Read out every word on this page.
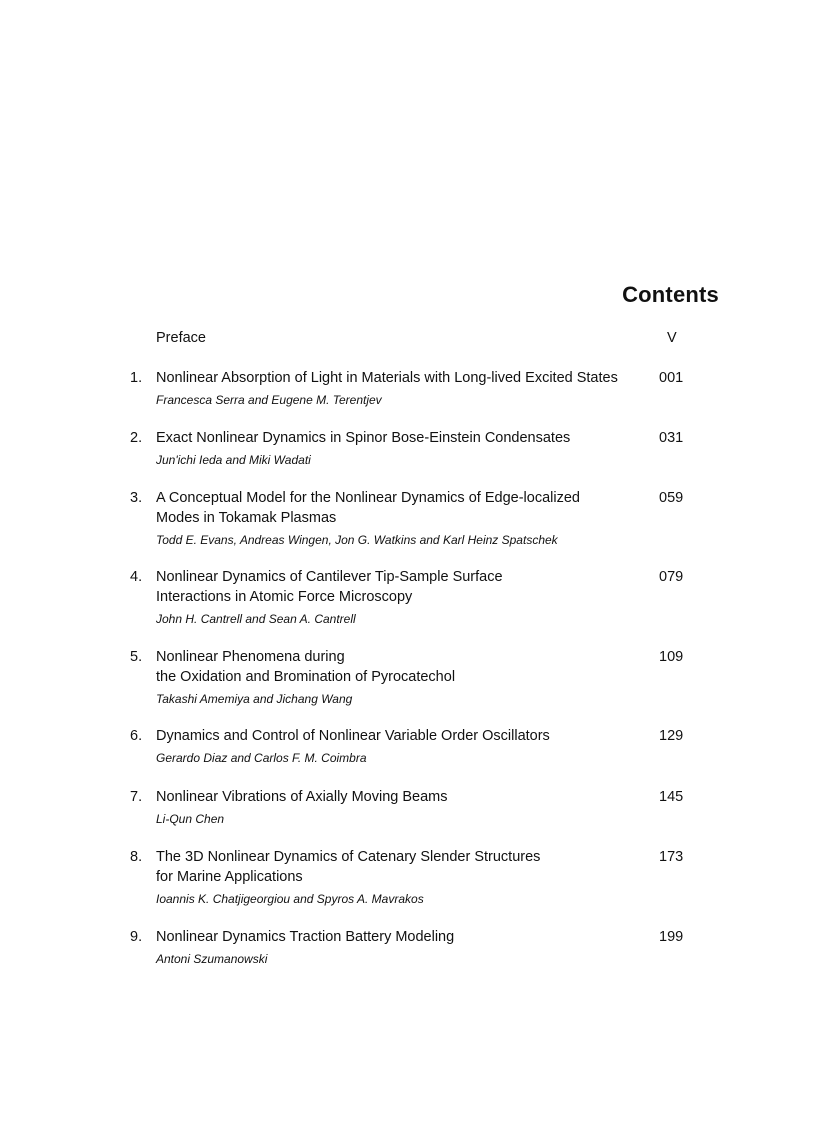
Contents
Preface	V
1. Nonlinear Absorption of Light in Materials with Long-lived Excited States
Francesca Serra and Eugene M. Terentjev
001
2. Exact Nonlinear Dynamics in Spinor Bose-Einstein Condensates
Jun'ichi Ieda and Miki Wadati
031
3. A Conceptual Model for the Nonlinear Dynamics of Edge-localized
Modes in Tokamak Plasmas
Todd E. Evans, Andreas Wingen, Jon G. Watkins and Karl Heinz Spatschek
059
4. Nonlinear Dynamics of Cantilever Tip-Sample Surface
Interactions in Atomic Force Microscopy
John H. Cantrell and Sean A. Cantrell
079
5. Nonlinear Phenomena during
the Oxidation and Bromination of Pyrocatechol
Takashi Amemiya and Jichang Wang
109
6. Dynamics and Control of Nonlinear Variable Order Oscillators
Gerardo Diaz and Carlos F. M. Coimbra
129
7. Nonlinear Vibrations of Axially Moving Beams
Li-Qun Chen
145
8. The 3D Nonlinear Dynamics of Catenary Slender Structures
for Marine Applications
Ioannis K. Chatjigeorgiou and Spyros A. Mavrakos
173
9. Nonlinear Dynamics Traction Battery Modeling
Antoni Szumanowski
199
